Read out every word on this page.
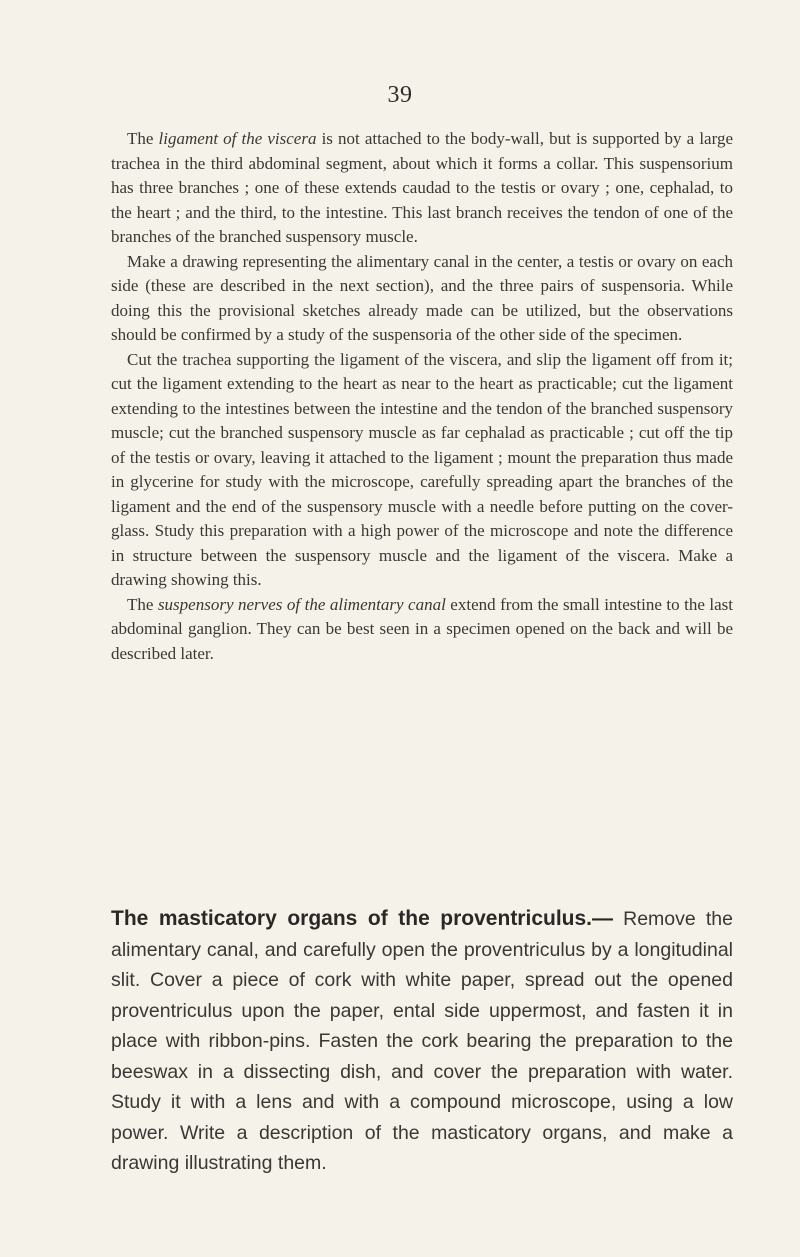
39

The ligament of the viscera is not attached to the body-wall, but is supported by a large trachea in the third abdominal segment, about which it forms a collar. This suspensorium has three branches ; one of these extends caudad to the testis or ovary ; one, cephalad, to the heart ; and the third, to the intestine. This last branch receives the tendon of one of the branches of the branched suspensory muscle.

Make a drawing representing the alimentary canal in the center, a testis or ovary on each side (these are described in the next section), and the three pairs of suspensoria. While doing this the provisional sketches already made can be utilized, but the observations should be confirmed by a study of the suspensoria of the other side of the specimen.

Cut the trachea supporting the ligament of the viscera, and slip the ligament off from it; cut the ligament extending to the heart as near to the heart as practicable; cut the ligament extending to the intestines between the intestine and the tendon of the branched suspensory muscle; cut the branched suspensory muscle as far cephalad as practicable ; cut off the tip of the testis or ovary, leaving it attached to the ligament ; mount the preparation thus made in glycerine for study with the microscope, carefully spreading apart the branches of the ligament and the end of the suspensory muscle with a needle before putting on the cover-glass. Study this preparation with a high power of the microscope and note the difference in structure between the suspensory muscle and the ligament of the viscera. Make a drawing showing this.

The suspensory nerves of the alimentary canal extend from the small intestine to the last abdominal ganglion. They can be best seen in a specimen opened on the back and will be described later.

The masticatory organs of the proventriculus.— Remove the alimentary canal, and carefully open the proventriculus by a longitudinal slit. Cover a piece of cork with white paper, spread out the opened proventriculus upon the paper, ental side uppermost, and fasten it in place with ribbon-pins. Fasten the cork bearing the preparation to the beeswax in a dissecting dish, and cover the preparation with water. Study it with a lens and with a compound microscope, using a low power. Write a description of the masticatory organs, and make a drawing illustrating them.
